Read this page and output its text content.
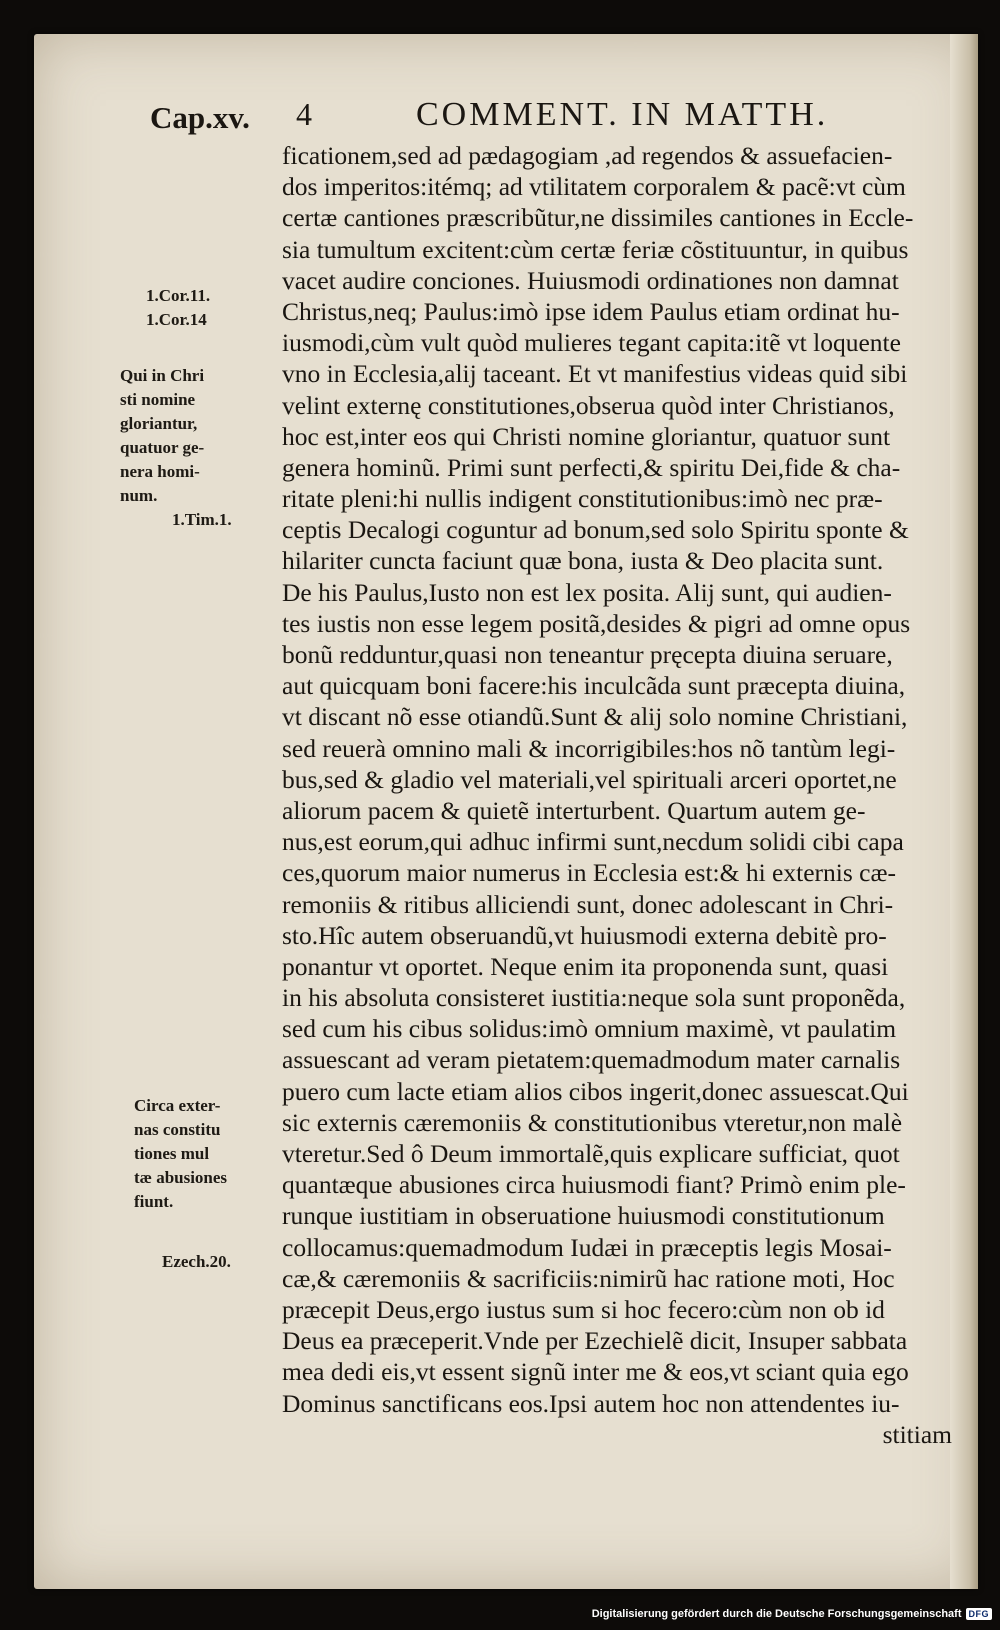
Cap.xv. 4	COMMENT. IN MATTH.
1.Cor.11.
1.Cor.14
Qui in Chri
sti nomine
gloriantur,
quatuor ge-
nera homi-
num.
1.Tim.1.
Circa exter-
nas constitu
tiones mul
tæ abusiones
fiunt.
Ezech.20.
ficationem,sed ad pædagogiam ,ad regendos & assuefacien-
dos imperitos:itémq; ad vtilitatem corporalem & pacẽ:vt cùm
certæ cantiones præscribũtur,ne dissimiles cantiones in Eccle-
sia tumultum excitent:cùm certæ feriæ cõstituuntur, in quibus
vacet audire conciones. Huiusmodi ordinationes non damnat
Christus,neq; Paulus:imò ipse idem Paulus etiam ordinat hu-
iusmodi,cùm vult quòd mulieres tegant capita:itẽ vt loquente
vno in Ecclesia,alij taceant. Et vt manifestius videas quid sibi
velint externę constitutiones,obserua quòd inter Christianos,
hoc est,inter eos qui Christi nomine gloriantur, quatuor sunt
genera hominũ. Primi sunt perfecti,& spiritu Dei,fide & cha-
ritate pleni:hi nullis indigent constitutionibus:imò nec præ-
ceptis Decalogi coguntur ad bonum,sed solo Spiritu sponte &
hilariter cuncta faciunt quæ bona, iusta & Deo placita sunt.
De his Paulus,Iusto non est lex posita. Alij sunt, qui audien-
tes iustis non esse legem positã,desides & pigri ad omne opus
bonũ redduntur,quasi non teneantur pręcepta diuina seruare,
aut quicquam boni facere:his inculcãda sunt præcepta diuina,
vt discant nõ esse otiandũ.Sunt & alij solo nomine Christiani,
sed reuerà omnino mali & incorrigibiles:hos nõ tantùm legi-
bus,sed & gladio vel materiali,vel spirituali arceri oportet,ne
aliorum pacem & quietẽ interturbent. Quartum autem ge-
nus,est eorum,qui adhuc infirmi sunt,necdum solidi cibi capa
ces,quorum maior numerus in Ecclesia est:& hi externis cæ-
remoniis & ritibus alliciendi sunt, donec adolescant in Chri-
sto.Hîc autem obseruandũ,vt huiusmodi externa debitè pro-
ponantur vt oportet. Neque enim ita proponenda sunt, quasi
in his absoluta consisteret iustitia:neque sola sunt proponẽda,
sed cum his cibus solidus:imò omnium maximè, vt paulatim
assuescant ad veram pietatem:quemadmodum mater carnalis
puero cum lacte etiam alios cibos ingerit,donec assuescat.Qui
sic externis cæremoniis & constitutionibus vteretur,non malè
vteretur.Sed ô Deum immortalẽ,quis explicare sufficiat, quot
quantæque abusiones circa huiusmodi fiant? Primò enim ple-
runque iustitiam in obseruatione huiusmodi constitutionum
collocamus:quemadmodum Iudæi in præceptis legis Mosai-
cæ,& cæremoniis & sacrificiis:nimirũ hac ratione moti, Hoc
præcepit Deus,ergo iustus sum si hoc fecero:cùm non ob id
Deus ea præceperit.Vnde per Ezechielẽ dicit, Insuper sabbata
mea dedi eis,vt essent signũ inter me & eos,vt sciant quia ego
Dominus sanctificans eos.Ipsi autem hoc non attendentes iu-
stitiam
Digitalisierung gefördert durch die Deutsche Forschungsgemeinschaft DFG
